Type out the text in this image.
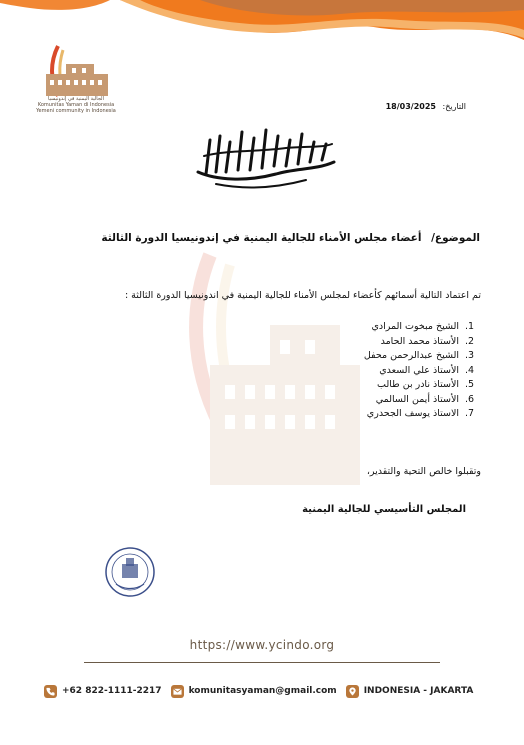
الجالية اليمنية في إندونيسيا
Komunitas Yaman di Indonesia
Yemeni community in Indonesia	التاريخ: 18/03/2025
الموضوع/ أعضاء مجلس الأمناء للجالية اليمنية في إندونيسيا الدورة الثالثة
تم اعتماد التالية أسمائهم كأعضاء لمجلس الأمناء للجالية اليمنية في اندونيسيا الدورة الثالثة :
1.الشيخ مبخوت المرادي
2.الأستاذ محمد الحامد
3.الشيخ عبدالرحمن محفل
4.الأستاذ علي السعدي
5.الأستاذ نادر بن طالب
6.الأستاذ أيمن السالمي
7.الاستاذ يوسف الجحدري
وتقبلوا خالص التحية والتقدير،
المجلس التأسيسي للجالية اليمنية
https://www.ycindo.org
+62 822-1111-2217	komunitasyaman@gmail.com	INDONESIA - JAKARTA
